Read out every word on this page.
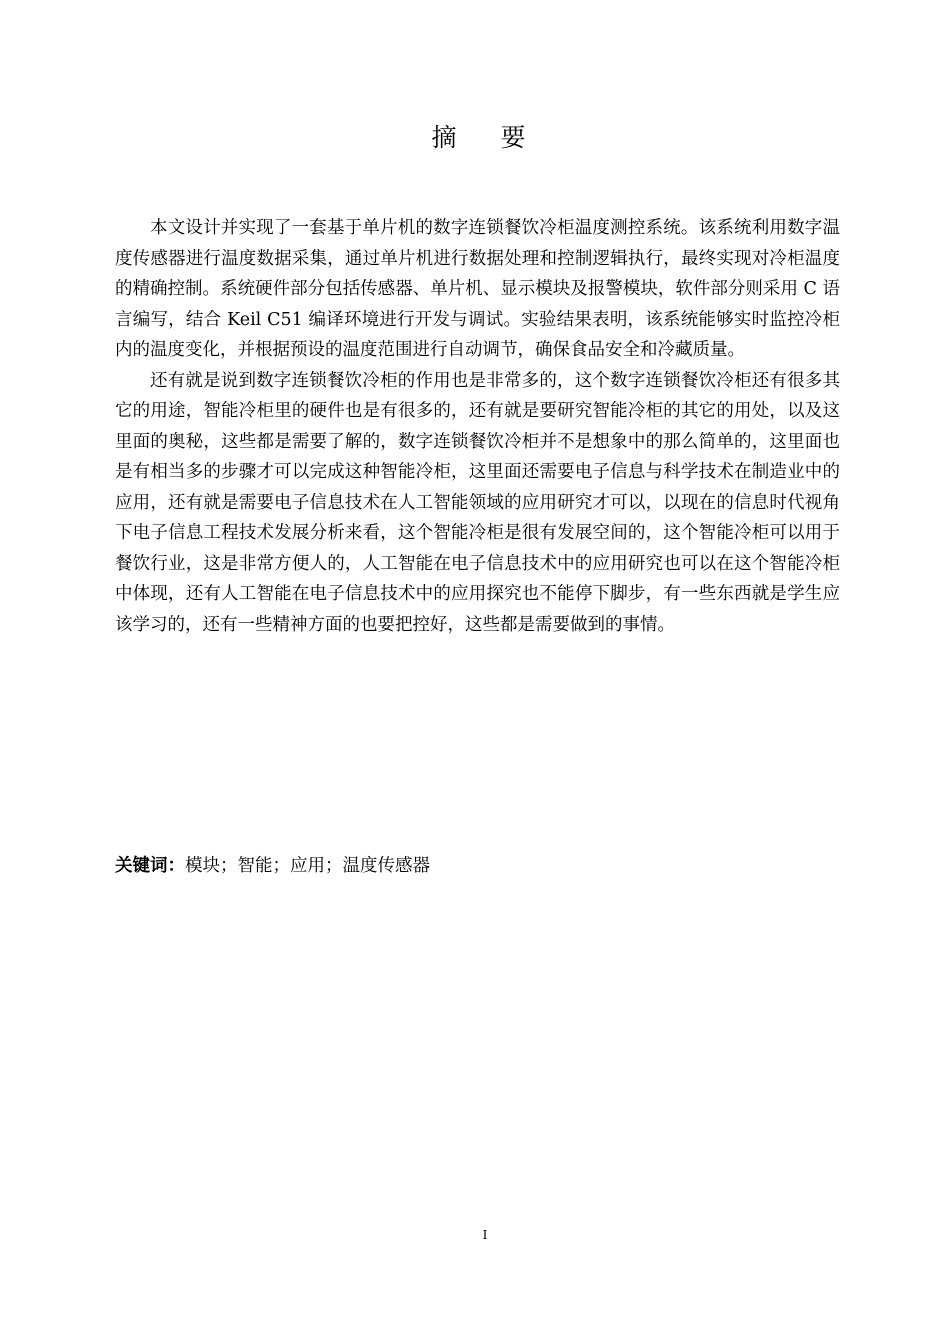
摘 要

本文设计并实现了一套基于单片机的数字连锁餐饮冷柜温度测控系统。该系统利用数字温度传感器进行温度数据采集，通过单片机进行数据处理和控制逻辑执行，最终实现对冷柜温度的精确控制。系统硬件部分包括传感器、单片机、显示模块及报警模块，软件部分则采用 C 语言编写，结合 Keil C51 编译环境进行开发与调试。实验结果表明，该系统能够实时监控冷柜内的温度变化，并根据预设的温度范围进行自动调节，确保食品安全和冷藏质量。

还有就是说到数字连锁餐饮冷柜的作用也是非常多的，这个数字连锁餐饮冷柜还有很多其它的用途，智能冷柜里的硬件也是有很多的，还有就是要研究智能冷柜的其它的用处，以及这里面的奥秘，这些都是需要了解的，数字连锁餐饮冷柜并不是想象中的那么简单的，这里面也是有相当多的步骤才可以完成这种智能冷柜，这里面还需要电子信息与科学技术在制造业中的应用，还有就是需要电子信息技术在人工智能领域的应用研究才可以，以现在的信息时代视角下电子信息工程技术发展分析来看，这个智能冷柜是很有发展空间的，这个智能冷柜可以用于餐饮行业，这是非常方便人的，人工智能在电子信息技术中的应用研究也可以在这个智能冷柜中体现，还有人工智能在电子信息技术中的应用探究也不能停下脚步，有一些东西就是学生应该学习的，还有一些精神方面的也要把控好，这些都是需要做到的事情。

关键词：模块；智能；应用；温度传感器
I
